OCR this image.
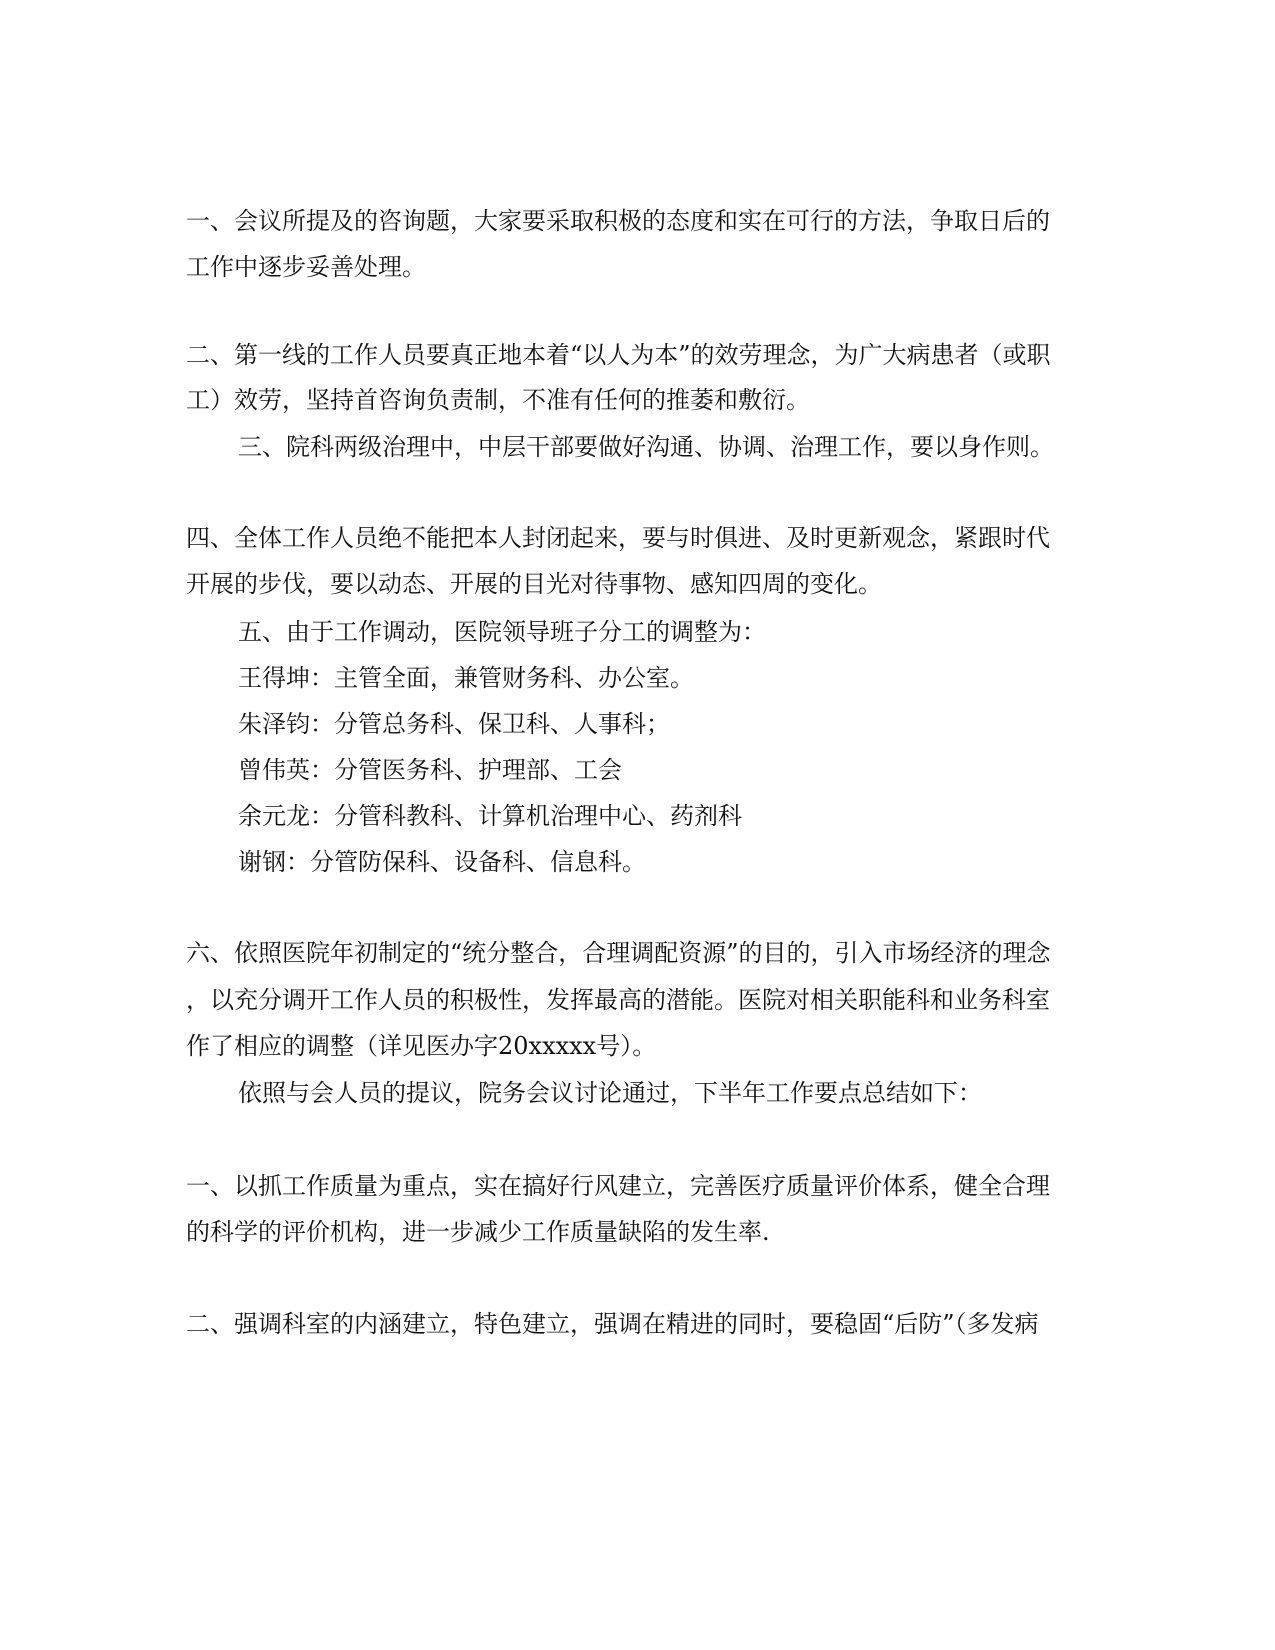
一、会议所提及的咨询题，大家要采取积极的态度和实在可行的方法，争取日后的
工作中逐步妥善处理。
二、第一线的工作人员要真正地本着“以人为本”的效劳理念，为广大病患者（或职
工）效劳，坚持首咨询负责制，不准有任何的推萎和敷衍。
三、院科两级治理中，中层干部要做好沟通、协调、治理工作，要以身作则。
四、全体工作人员绝不能把本人封闭起来，要与时俱进、及时更新观念，紧跟时代
开展的步伐，要以动态、开展的目光对待事物、感知四周的变化。
五、由于工作调动，医院领导班子分工的调整为：
王得坤：主管全面，兼管财务科、办公室。
朱泽钧：分管总务科、保卫科、人事科；
曾伟英：分管医务科、护理部、工会
余元龙：分管科教科、计算机治理中心、药剂科
谢钢：分管防保科、设备科、信息科。
六、依照医院年初制定的“统分整合，合理调配资源”的目的，引入市场经济的理念
，以充分调开工作人员的积极性，发挥最高的潜能。医院对相关职能科和业务科室
作了相应的调整（详见医办字20xxxxx号）。
依照与会人员的提议，院务会议讨论通过，下半年工作要点总结如下：
一、以抓工作质量为重点，实在搞好行风建立，完善医疗质量评价体系，健全合理
的科学的评价机构，进一步减少工作质量缺陷的发生率.
二、强调科室的内涵建立，特色建立，强调在精进的同时，要稳固“后防”（多发病
